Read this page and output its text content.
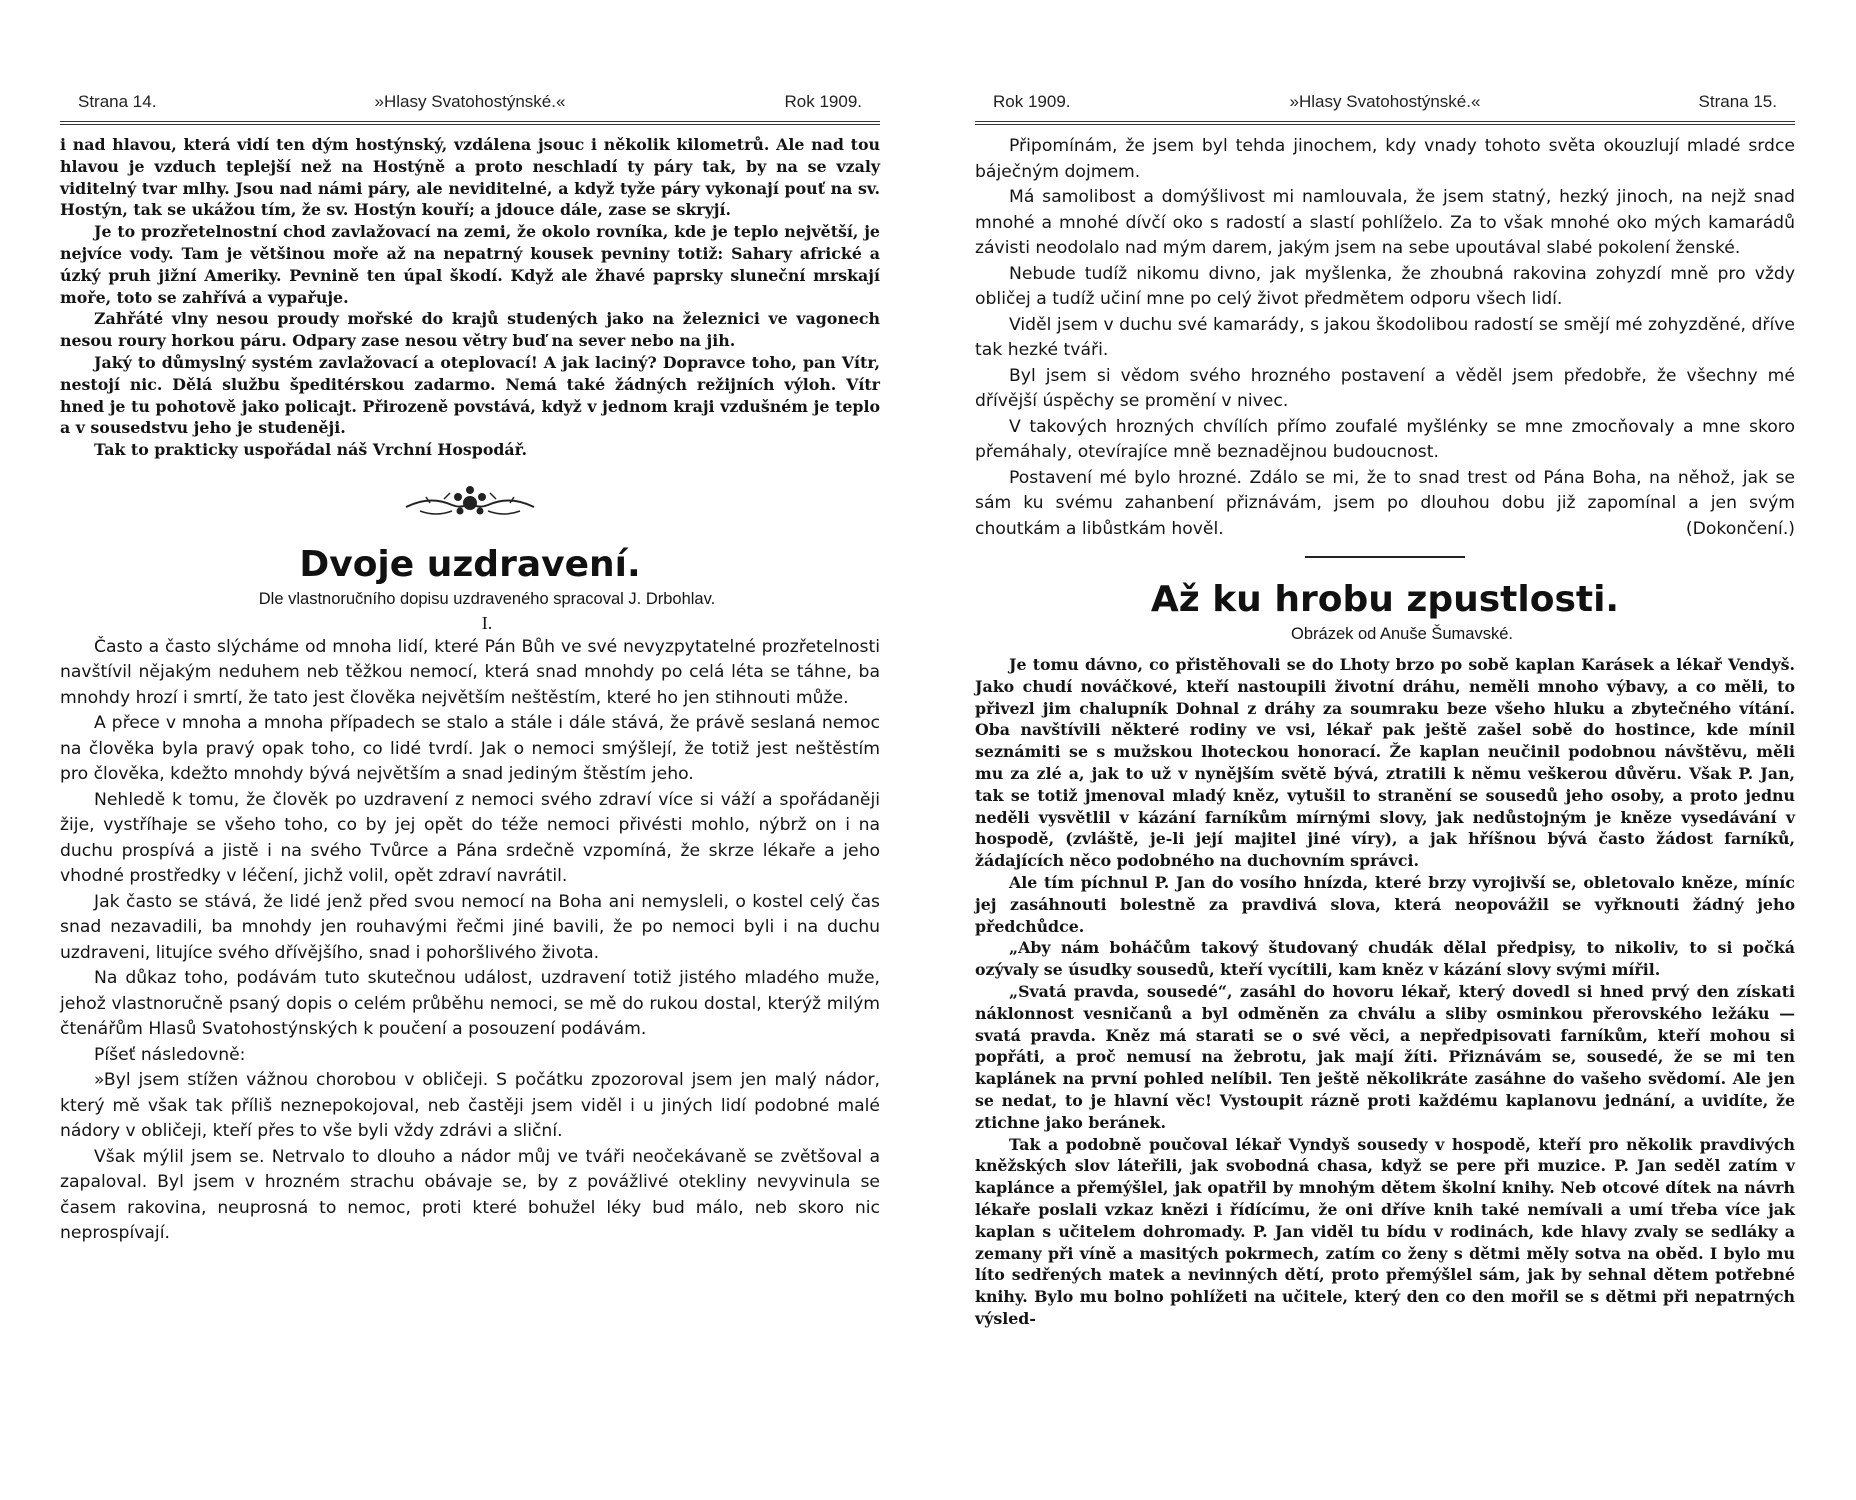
Strana 14.	»Hlasy Svatohostýnské.«	Rok 1909.

i nad hlavou, která vidí ten dým hostýnský, vzdálena jsouc i několik kilometrů. Ale nad tou hlavou je vzduch teplejší než na Hostýně a proto neschladí ty páry tak, by na se vzaly viditelný tvar mlhy. Jsou nad námi páry, ale neviditelné, a když tyže páry vykonají pouť na sv. Hostýn, tak se ukážou tím, že sv. Hostýn kouří; a jdouce dále, zase se skryjí.

Je to prozřetelnostní chod zavlažovací na zemi, že okolo rovníka, kde je teplo největší, je nejvíce vody. Tam je většinou moře až na nepatrný kousek pevniny totiž: Sahary africké a úzký pruh jižní Ameriky. Pevnině ten úpal škodí. Když ale žhavé paprsky sluneční mrskají moře, toto se zahřívá a vypařuje.

Zahřáté vlny nesou proudy mořské do krajů studených jako na železnici ve vagonech nesou roury horkou páru. Odpary zase nesou větry buď na sever nebo na jih.

Jaký to důmyslný systém zavlažovací a oteplovací! A jak laciný? Dopravce toho, pan Vítr, nestojí nic. Dělá službu špeditérskou zadarmo. Nemá také žádných režijních výloh. Vítr hned je tu pohotově jako policajt. Přirozeně povstává, když v jednom kraji vzdušném je teplo a v sousedstvu jeho je studeněji.

Tak to prakticky uspořádal náš Vrchní Hospodář.

Dvoje uzdravení.

Dle vlastnoručního dopisu uzdraveného spracoval J. Drbohlav.

I.

Často a často slýcháme od mnoha lidí, které Pán Bůh ve své nevyzpytatelné prozřetelnosti navštívil nějakým neduhem neb těžkou nemocí, která snad mnohdy po celá léta se táhne, ba mnohdy hrozí i smrtí, že tato jest člověka největším neštěstím, které ho jen stihnouti může.

A přece v mnoha a mnoha případech se stalo a stále i dále stává, že právě seslaná nemoc na člověka byla pravý opak toho, co lidé tvrdí. Jak o nemoci smýšlejí, že totiž jest neštěstím pro člověka, kdežto mnohdy bývá největším a snad jediným štěstím jeho.

Nehledě k tomu, že člověk po uzdravení z nemoci svého zdraví více si váží a spořádaněji žije, vystříhaje se všeho toho, co by jej opět do téže nemoci přivésti mohlo, nýbrž on i na duchu prospívá a jistě i na svého Tvůrce a Pána srdečně vzpomíná, že skrze lékaře a jeho vhodné prostředky v léčení, jichž volil, opět zdraví navrátil.

Jak často se stává, že lidé jenž před svou nemocí na Boha ani nemysleli, o kostel celý čas snad nezavadili, ba mnohdy jen rouhavými řečmi jiné bavili, že po nemoci byli i na duchu uzdraveni, litujíce svého dřívějšího, snad i pohoršlivého života.

Na důkaz toho, podávám tuto skutečnou událost, uzdravení totiž jistého mladého muže, jehož vlastnoručně psaný dopis o celém průběhu nemoci, se mě do rukou dostal, kterýž milým čtenářům Hlasů Svatohostýnských k poučení a posouzení podávám.

Píšeť následovně:

»Byl jsem stížen vážnou chorobou v obličeji. S počátku zpozoroval jsem jen malý nádor, který mě však tak příliš neznepokojoval, neb častěji jsem viděl i u jiných lidí podobné malé nádory v obličeji, kteří přes to vše byli vždy zdrávi a sliční.

Však mýlil jsem se. Netrvalo to dlouho a nádor můj ve tváři neočekávaně se zvětšoval a zapaloval. Byl jsem v hrozném strachu obávaje se, by z povážlivé otekliny nevyvinula se časem rakovina, neuprosná to nemoc, proti které bohužel léky bud málo, neb skoro nic neprospívají.

Rok 1909.	»Hlasy Svatohostýnské.«	Strana 15.

Připomínám, že jsem byl tehda jinochem, kdy vnady tohoto světa okouzlují mladé srdce báječným dojmem.

Má samolibost a domýšlivost mi namlouvala, že jsem statný, hezký jinoch, na nejž snad mnohé a mnohé dívčí oko s radostí a slastí pohlíželo. Za to však mnohé oko mých kamarádů závisti neodolalo nad mým darem, jakým jsem na sebe upoutával slabé pokolení ženské.

Nebude tudíž nikomu divno, jak myšlenka, že zhoubná rakovina zohyzdí mně pro vždy obličej a tudíž učiní mne po celý život předmětem odporu všech lidí.

Viděl jsem v duchu své kamarády, s jakou škodolibou radostí se smějí mé zohyzděné, dříve tak hezké tváři.

Byl jsem si vědom svého hrozného postavení a věděl jsem předobře, že všechny mé dřívější úspěchy se promění v nivec.

V takových hrozných chvílích přímo zoufalé myšlénky se mne zmocňovaly a mne skoro přemáhaly, otevírajíce mně beznadějnou budoucnost.

Postavení mé bylo hrozné. Zdálo se mi, že to snad trest od Pána Boha, na něhož, jak se sám ku svému zahanbení přiznávám, jsem po dlouhou dobu již zapomínal a jen svým choutkám a libůstkám hověl.	(Dokončení.)

Až ku hrobu zpustlosti.

Obrázek od Anuše Šumavské.

Je tomu dávno, co přistěhovali se do Lhoty brzo po sobě kaplan Karásek a lékař Vendyš. Jako chudí nováčkové, kteří nastoupili životní dráhu, neměli mnoho výbavy, a co měli, to přivezl jim chalupník Dohnal z dráhy za soumraku beze všeho hluku a zbytečného vítání. Oba navštívili některé rodiny ve vsi, lékař pak ještě zašel sobě do hostince, kde mínil seznámiti se s mužskou lhoteckou honorací. Že kaplan neučinil podobnou návštěvu, měli mu za zlé a, jak to už v nynějším světě bývá, ztratili k němu veškerou důvěru. Však P. Jan, tak se totiž jmenoval mladý kněz, vytušil to stranění se sousedů jeho osoby, a proto jednu neděli vysvětlil v kázání farníkům mírnými slovy, jak nedůstojným je kněze vysedávání v hospodě, (zvláště, je-li její majitel jiné víry), a jak hříšnou bývá často žádost farníků, žádajících něco podobného na duchovním správci.

Ale tím píchnul P. Jan do vosího hnízda, které brzy vyrojivší se, obletovalo kněze, míníc jej zasáhnouti bolestně za pravdivá slova, která neopovážil se vyřknouti žádný jeho předchůdce.

„Aby nám boháčům takový študovaný chudák dělal předpisy, to nikoliv, to si počká ozývaly se úsudky sousedů, kteří vycítili, kam kněz v kázání slovy svými mířil.

„Svatá pravda, sousedé“, zasáhl do hovoru lékař, který dovedl si hned prvý den získati náklonnost vesničanů a byl odměněn za chválu a sliby osminkou přerovského ležáku — svatá pravda. Kněz má starati se o své věci, a nepředpisovati farníkům, kteří mohou si popřáti, a proč nemusí na žebrotu, jak mají žíti. Přiznávám se, sousedé, že se mi ten kaplánek na první pohled nelíbil. Ten ještě několikráte zasáhne do vašeho svědomí. Ale jen se nedat, to je hlavní věc! Vystoupit rázně proti každému kaplanovu jednání, a uvidíte, že ztichne jako beránek.

Tak a podobně poučoval lékař Vyndyš sousedy v hospodě, kteří pro několik pravdivých kněžských slov láteřili, jak svobodná chasa, když se pere při muzice. P. Jan seděl zatím v kaplánce a přemýšlel, jak opatřil by mnohým dětem školní knihy. Neb otcové dítek na návrh lékaře poslali vzkaz knězi i řídícímu, že oni dříve knih také nemívali a umí třeba více jak kaplan s učitelem dohromady. P. Jan viděl tu bídu v rodinách, kde hlavy zvaly se sedláky a zemany při víně a masitých pokrmech, zatím co ženy s dětmi měly sotva na oběd. I bylo mu líto sedřených matek a nevinných dětí, proto přemýšlel sám, jak by sehnal dětem potřebné knihy. Bylo mu bolno pohlížeti na učitele, který den co den mořil se s dětmi při nepatrných výsled-
